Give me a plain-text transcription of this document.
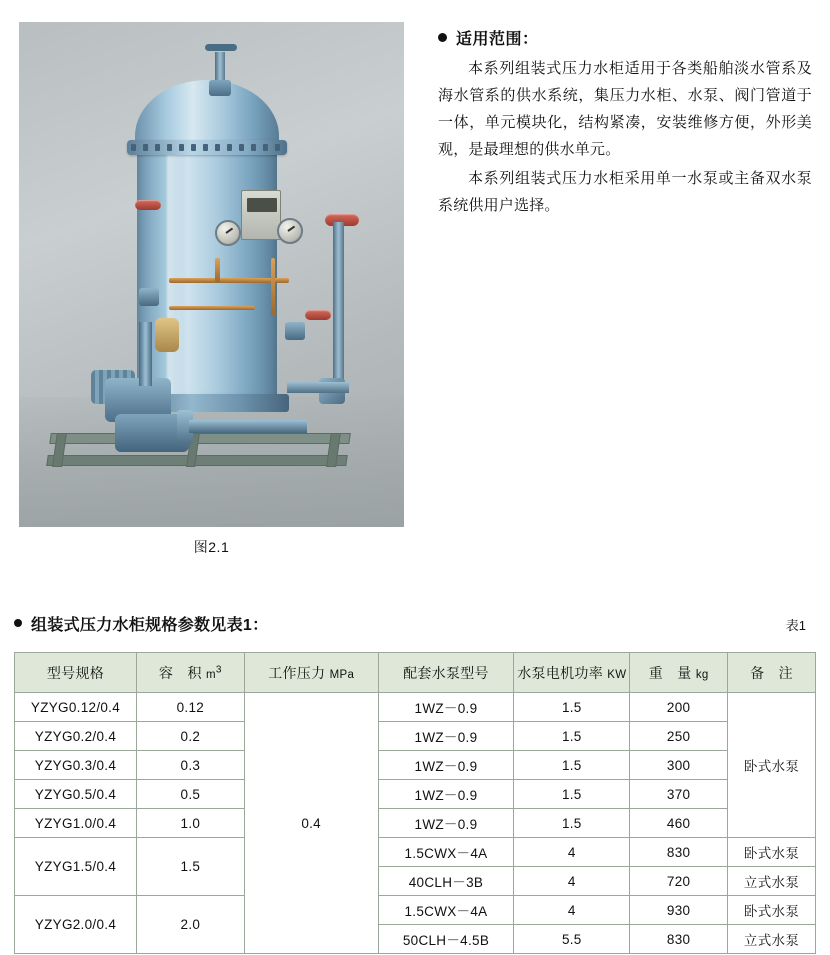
图2.1
适用范围：
本系列组装式压力水柜适用于各类船舶淡水管系及海水管系的供水系统，集压力水柜、水泵、阀门管道于一体，单元模块化，结构紧凑，安装维修方便，外形美观，是最理想的供水单元。
本系列组装式压力水柜采用单一水泵或主备双水泵系统供用户选择。
组装式压力水柜规格参数见表1：	表1
型号规格	容　积 $m^3$	工作压力 MPa	配套水泵型号	水泵电机功率 KW	重　量 kg	备　注
YZYG0.12/0.4	0.12	0.4	1WZ－0.9	1.5	200	卧式水泵
YZYG0.2/0.4	0.2		1WZ－0.9	1.5	250	
YZYG0.3/0.4	0.3		1WZ－0.9	1.5	300	
YZYG0.5/0.4	0.5		1WZ－0.9	1.5	370	
YZYG1.0/0.4	1.0		1WZ－0.9	1.5	460	
YZYG1.5/0.4	1.5		1.5CWX－4A	4	830	卧式水泵
			40CLH－3B	4	720	立式水泵
YZYG2.0/0.4	2.0		1.5CWX－4A	4	930	卧式水泵
			50CLH－4.5B	5.5	830	立式水泵
